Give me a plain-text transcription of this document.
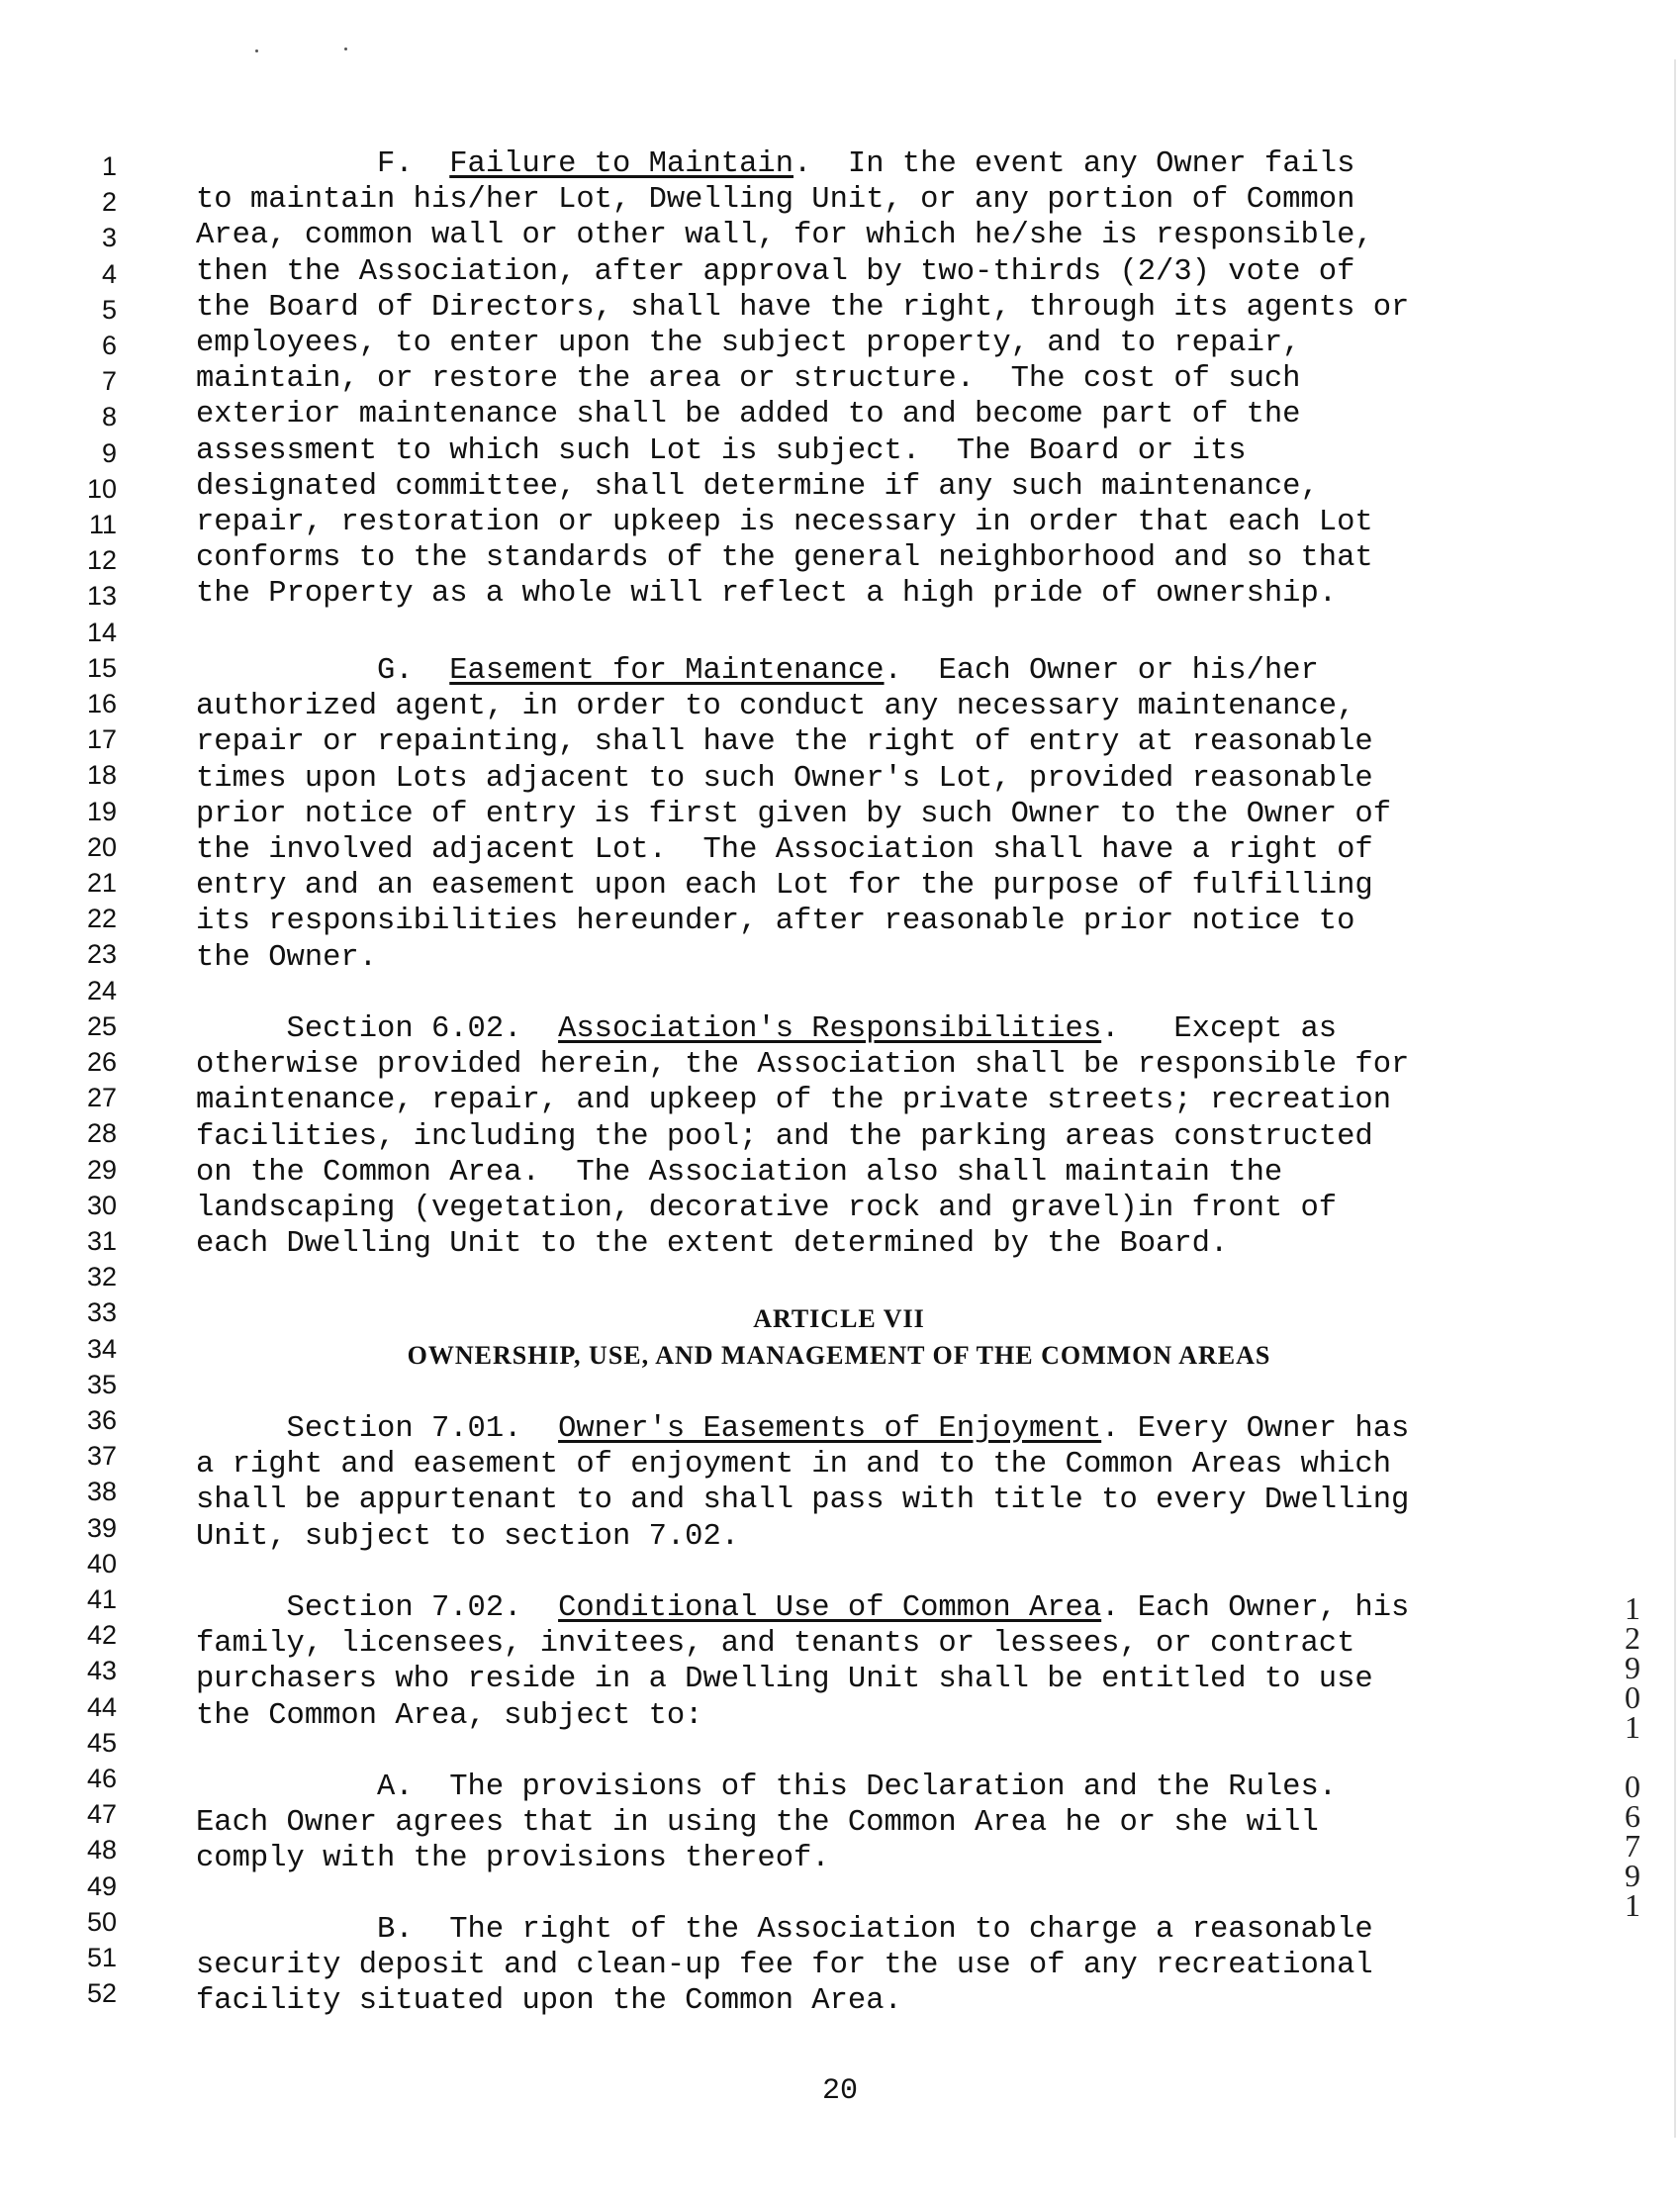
1
2
3
4
5
6
7
8
9
10
11
12
13
14
15
16
17
18
19
20
21
22
23
24
25
26
27
28
29
30
31
32
33
34
35
36
37
38
39
40
41
42
43
44
45
46
47
48
49
50
51
52
F.  Failure to Maintain.  In the event any Owner fails
to maintain his/her Lot, Dwelling Unit, or any portion of Common
Area, common wall or other wall, for which he/she is responsible,
then the Association, after approval by two-thirds (2/3) vote of
the Board of Directors, shall have the right, through its agents or
employees, to enter upon the subject property, and to repair,
maintain, or restore the area or structure.  The cost of such
exterior maintenance shall be added to and become part of the
assessment to which such Lot is subject.  The Board or its
designated committee, shall determine if any such maintenance,
repair, restoration or upkeep is necessary in order that each Lot
conforms to the standards of the general neighborhood and so that
the Property as a whole will reflect a high pride of ownership.
G.  Easement for Maintenance.  Each Owner or his/her
authorized agent, in order to conduct any necessary maintenance,
repair or repainting, shall have the right of entry at reasonable
times upon Lots adjacent to such Owner's Lot, provided reasonable
prior notice of entry is first given by such Owner to the Owner of
the involved adjacent Lot.  The Association shall have a right of
entry and an easement upon each Lot for the purpose of fulfilling
its responsibilities hereunder, after reasonable prior notice to
the Owner.
Section 6.02.  Association's Responsibilities.   Except as
otherwise provided herein, the Association shall be responsible for
maintenance, repair, and upkeep of the private streets; recreation
facilities, including the pool; and the parking areas constructed
on the Common Area.  The Association also shall maintain the
landscaping (vegetation, decorative rock and gravel)in front of
each Dwelling Unit to the extent determined by the Board.
ARTICLE VII
OWNERSHIP, USE, AND MANAGEMENT OF THE COMMON AREAS
Section 7.01.  Owner's Easements of Enjoyment. Every Owner has
a right and easement of enjoyment in and to the Common Areas which
shall be appurtenant to and shall pass with title to every Dwelling
Unit, subject to section 7.02.
Section 7.02.  Conditional Use of Common Area. Each Owner, his
family, licensees, invitees, and tenants or lessees, or contract
purchasers who reside in a Dwelling Unit shall be entitled to use
the Common Area, subject to:
A.  The provisions of this Declaration and the Rules.
Each Owner agrees that in using the Common Area he or she will
comply with the provisions thereof.
B.  The right of the Association to charge a reasonable
security deposit and clean-up fee for the use of any recreational
facility situated upon the Common Area.
20
1
2
9
0
1

0
6
7
9
1
